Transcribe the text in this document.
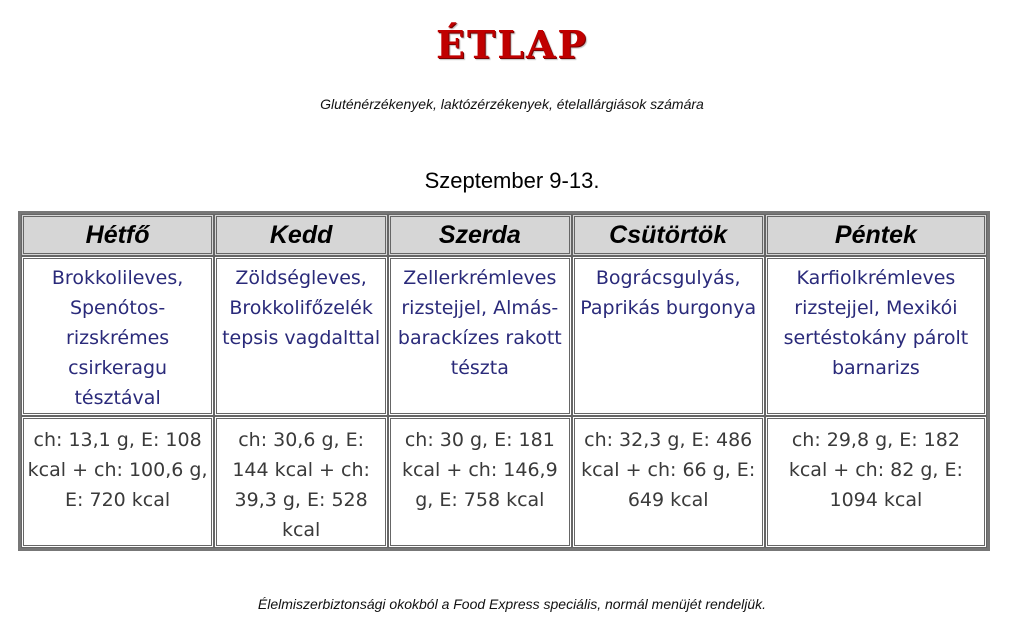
ÉTLAP
Gluténérzékenyek, laktózérzékenyek, ételallárgiások számára
Szeptember 9-13.
Hétfő	Kedd	Szerda	Csütörtök	Péntek
Brokkolileves, Spenótos-rizskrémes csirkeragu tésztával	Zöldségleves, Brokkolifőzelék tepsis vagdalttal	Zellerkrémleves rizstejjel, Almás-barackízes rakott tészta	Bográcsgulyás, Paprikás burgonya	Karfiolkrémleves rizstejjel, Mexikói sertéstokány párolt barnarizs
ch: 13,1 g, E: 108 kcal + ch: 100,6 g, E: 720 kcal	ch: 30,6 g, E: 144 kcal + ch: 39,3 g, E: 528 kcal	ch: 30 g, E: 181 kcal + ch: 146,9 g, E: 758 kcal	ch: 32,3 g, E: 486 kcal + ch: 66 g, E: 649 kcal	ch: 29,8 g, E: 182 kcal + ch: 82 g, E: 1094 kcal
Élelmiszerbiztonsági okokból a Food Express speciális, normál menüjét rendeljük.
